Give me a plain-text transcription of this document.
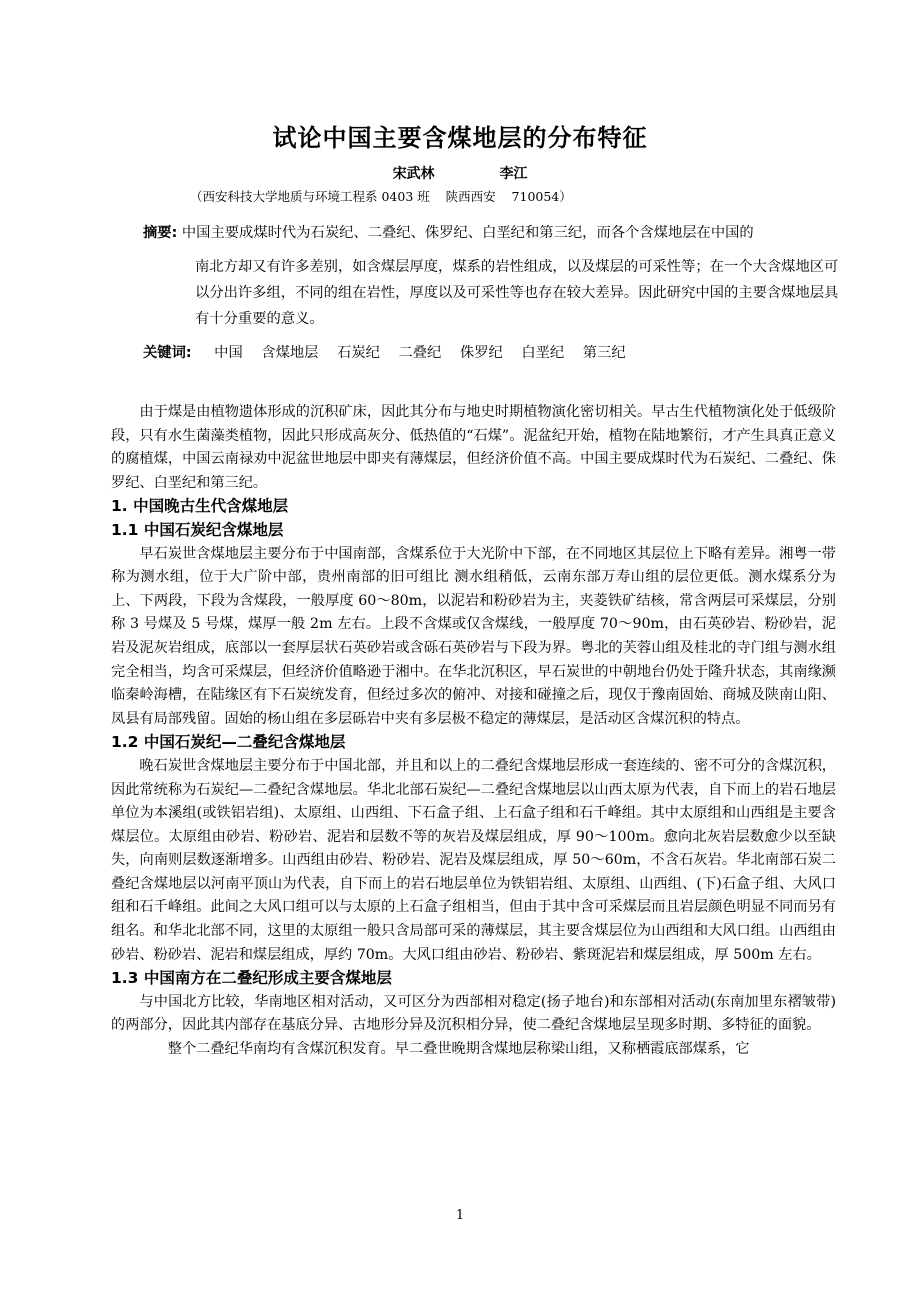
试论中国主要含煤地层的分布特征
宋武林	李江
（西安科技大学地质与环境工程系 0403 班    陕西西安    710054）
摘要: 中国主要成煤时代为石炭纪、二叠纪、侏罗纪、白垩纪和第三纪，而各个含煤地层在中国的
南北方却又有许多差别，如含煤层厚度，煤系的岩性组成，以及煤层的可采性等；在一个大含煤地区可以分出许多组，不同的组在岩性，厚度以及可采性等也存在较大差异。因此研究中国的主要含煤地层具有十分重要的意义。
关键词: 中国 含煤地层 石炭纪 二叠纪 侏罗纪 白垩纪 第三纪

由于煤是由植物遗体形成的沉积矿床，因此其分布与地史时期植物演化密切相关。早古生代植物演化处于低级阶段，只有水生菌藻类植物，因此只形成高灰分、低热值的“石煤”。泥盆纪开始，植物在陆地繁衍，才产生具真正意义的腐植煤，中国云南禄劝中泥盆世地层中即夹有薄煤层，但经济价值不高。中国主要成煤时代为石炭纪、二叠纪、侏罗纪、白垩纪和第三纪。

1. 中国晚古生代含煤地层
1.1 中国石炭纪含煤地层

早石炭世含煤地层主要分布于中国南部，含煤系位于大光阶中下部，在不同地区其层位上下略有差异。湘粤一带称为测水组，位于大广阶中部，贵州南部的旧可组比 测水组稍低，云南东部万寿山组的层位更低。测水煤系分为上、下两段，下段为含煤段，一般厚度 60～80m，以泥岩和粉砂岩为主，夹菱铁矿结核，常含两层可采煤层，分别称 3 号煤及 5 号煤，煤厚一般 2m 左右。上段不含煤或仅含煤线，一般厚度 70～90m，由石英砂岩、粉砂岩，泥岩及泥灰岩组成，底部以一套厚层状石英砂岩或含砾石英砂岩与下段为界。粤北的芙蓉山组及桂北的寺门组与测水组完全相当，均含可采煤层，但经济价值略逊于湘中。在华北沉积区，早石炭世的中朝地台仍处于隆升状态，其南缘濒临秦岭海槽，在陆缘区有下石炭统发育，但经过多次的俯冲、对接和碰撞之后，现仅于豫南固始、商城及陕南山阳、凤县有局部残留。固始的杨山组在多层砾岩中夹有多层极不稳定的薄煤层，是活动区含煤沉积的特点。

1.2 中国石炭纪—二叠纪含煤地层

晚石炭世含煤地层主要分布于中国北部，并且和以上的二叠纪含煤地层形成一套连续的、密不可分的含煤沉积，因此常统称为石炭纪—二叠纪含煤地层。华北北部石炭纪—二叠纪含煤地层以山西太原为代表，自下而上的岩石地层单位为本溪组(或铁铝岩组)、太原组、山西组、下石盒子组、上石盒子组和石千峰组。其中太原组和山西组是主要含煤层位。太原组由砂岩、粉砂岩、泥岩和层数不等的灰岩及煤层组成，厚 90～100m。愈向北灰岩层数愈少以至缺失，向南则层数逐渐增多。山西组由砂岩、粉砂岩、泥岩及煤层组成，厚 50～60m，不含石灰岩。华北南部石炭二叠纪含煤地层以河南平顶山为代表，自下而上的岩石地层单位为铁铝岩组、太原组、山西组、(下)石盒子组、大风口组和石千峰组。此间之大风口组可以与太原的上石盒子组相当，但由于其中含可采煤层而且岩层颜色明显不同而另有组名。和华北北部不同，这里的太原组一般只含局部可采的薄煤层，其主要含煤层位为山西组和大风口组。山西组由砂岩、粉砂岩、泥岩和煤层组成，厚约 70m。大风口组由砂岩、粉砂岩、紫斑泥岩和煤层组成，厚 500m 左右。

1.3 中国南方在二叠纪形成主要含煤地层

与中国北方比较，华南地区相对活动，又可区分为西部相对稳定(扬子地台)和东部相对活动(东南加里东褶皱带)的两部分，因此其内部存在基底分异、古地形分异及沉积相分异，使二叠纪含煤地层呈现多时期、多特征的面貌。

整个二叠纪华南均有含煤沉积发育。早二叠世晚期含煤地层称梁山组，又称栖霞底部煤系，它

1
